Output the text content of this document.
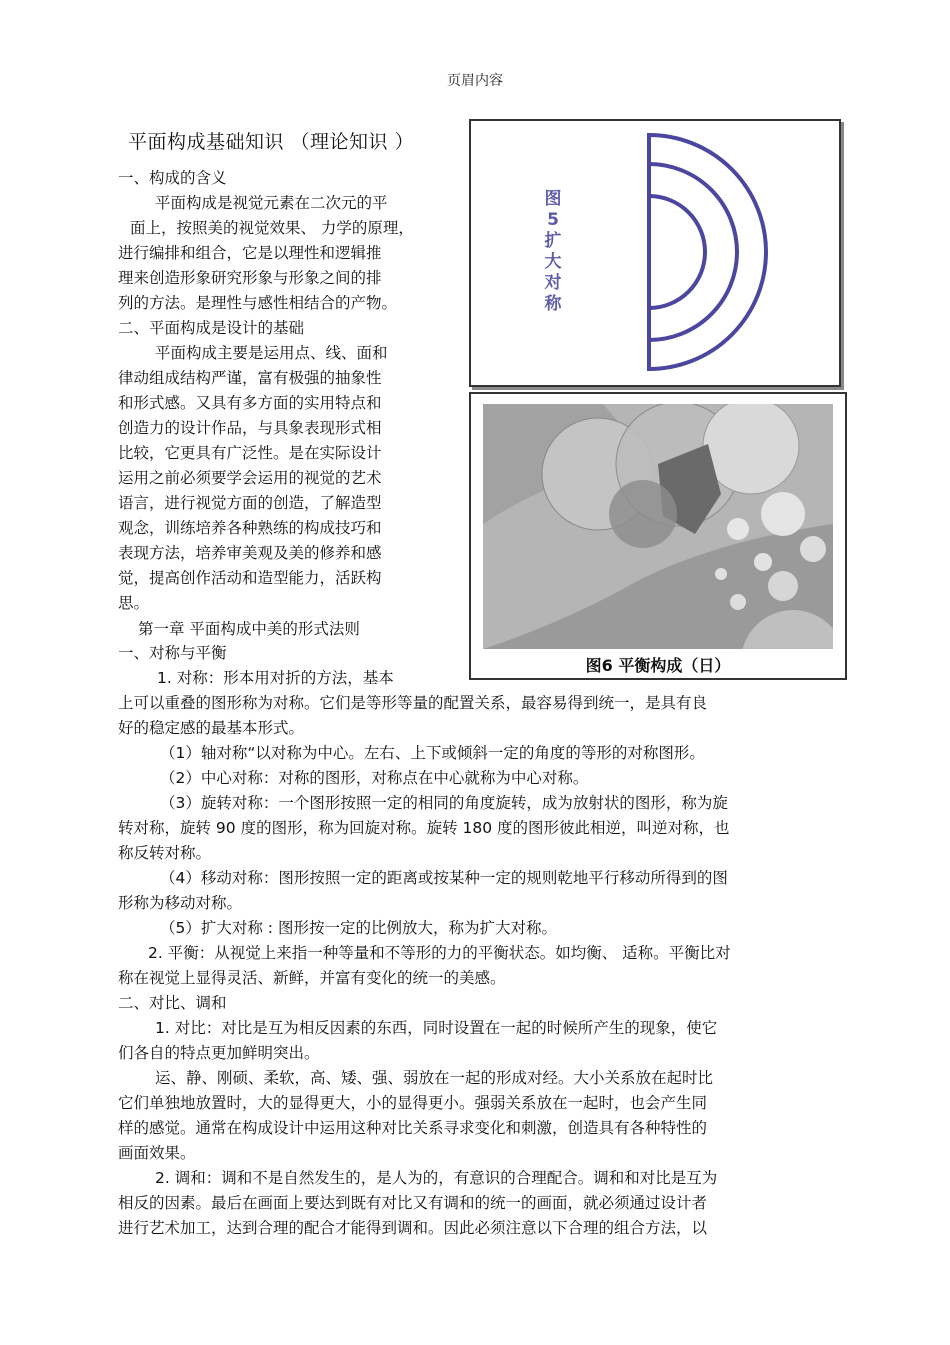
页眉内容
平面构成基础知识 （理论知识 ）
图
5
扩
大
对
称
图6 平衡构成（日）
一、构成的含义
平面构成是视觉元素在二次元的平
面上，按照美的视觉效果、 力学的原理，
进行编排和组合，它是以理性和逻辑推
理来创造形象研究形象与形象之间的排
列的方法。是理性与感性相结合的产物。
二、平面构成是设计的基础
平面构成主要是运用点、线、面和
律动组成结构严谨，富有极强的抽象性
和形式感。又具有多方面的实用特点和
创造力的设计作品，与具象表现形式相
比较，它更具有广泛性。是在实际设计
运用之前必须要学会运用的视觉的艺术
语言，进行视觉方面的创造，了解造型
观念，训练培养各种熟练的构成技巧和
表现方法，培养审美观及美的修养和感
觉，提高创作活动和造型能力，活跃构
思。
第一章 平面构成中美的形式法则
一、对称与平衡
1. 对称：形本用对折的方法，基本
上可以重叠的图形称为对称。它们是等形等量的配置关系，最容易得到统一，是具有良
好的稳定感的最基本形式。
（1）轴对称“以对称为中心。左右、上下或倾斜一定的角度的等形的对称图形。
（2）中心对称：对称的图形，对称点在中心就称为中心对称。
（3）旋转对称：一个图形按照一定的相同的角度旋转，成为放射状的图形，称为旋
转对称，旋转 90 度的图形，称为回旋对称。旋转 180 度的图形彼此相逆，叫逆对称，也
称反转对称。
（4）移动对称：图形按照一定的距离或按某种一定的规则乾地平行移动所得到的图
形称为移动对称。
（5）扩大对称 : 图形按一定的比例放大，称为扩大对称。
2. 平衡：从视觉上来指一种等量和不等形的力的平衡状态。如均衡、 适称。平衡比对
称在视觉上显得灵活、新鲜，并富有变化的统一的美感。
二、对比、调和
1. 对比：对比是互为相反因素的东西，同时设置在一起的时候所产生的现象，使它
们各自的特点更加鲜明突出。
运、静、刚硕、柔软，高、矮、强、弱放在一起的形成对经。大小关系放在起时比
它们单独地放置时，大的显得更大，小的显得更小。强弱关系放在一起时，也会产生同
样的感觉。通常在构成设计中运用这种对比关系寻求变化和刺激，创造具有各种特性的
画面效果。
2. 调和：调和不是自然发生的，是人为的，有意识的合理配合。调和和对比是互为
相反的因素。最后在画面上要达到既有对比又有调和的统一的画面，就必须通过设计者
进行艺术加工，达到合理的配合才能得到调和。因此必须注意以下合理的组合方法，以
